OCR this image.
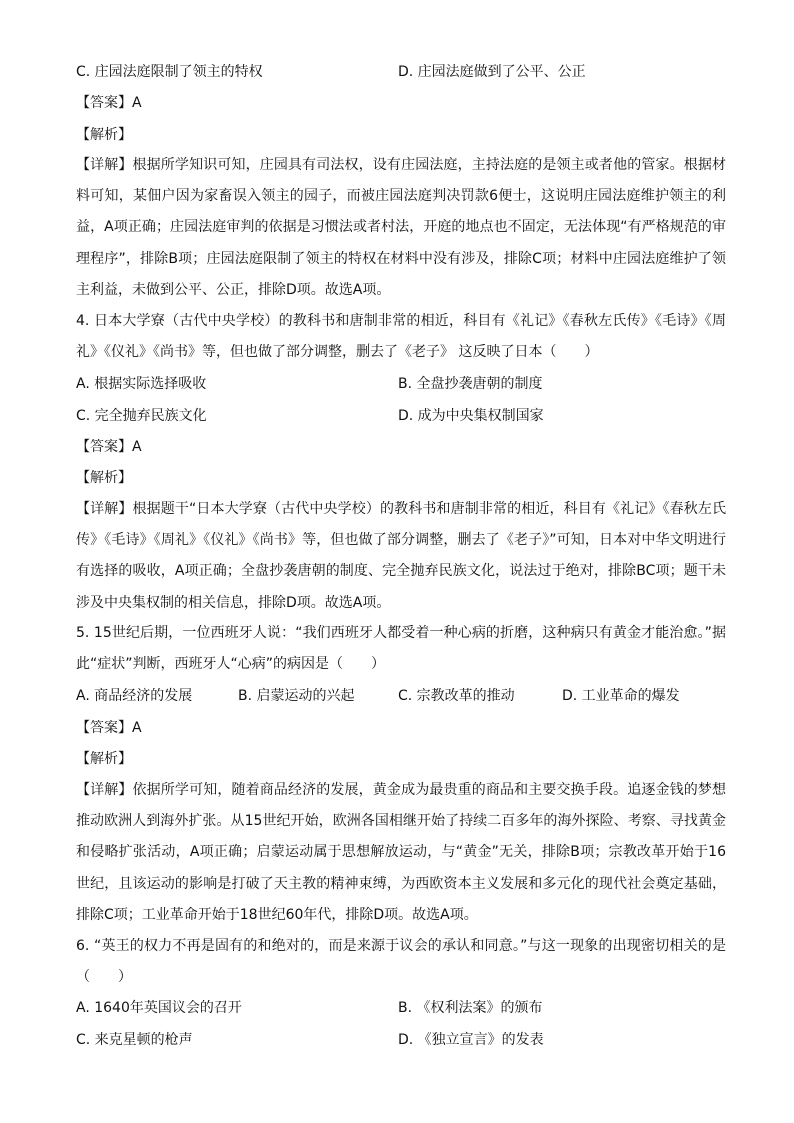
C. 庄园法庭限制了领主的特权	D. 庄园法庭做到了公平、公正
【答案】A
【解析】
【详解】根据所学知识可知，庄园具有司法权，设有庄园法庭，主持法庭的是领主或者他的管家。根据材料可知，某佃户因为家畜误入领主的园子，而被庄园法庭判决罚款6便士，这说明庄园法庭维护领主的利益，A项正确；庄园法庭审判的依据是习惯法或者村法，开庭的地点也不固定，无法体现“有严格规范的审理程序”，排除B项；庄园法庭限制了领主的特权在材料中没有涉及，排除C项；材料中庄园法庭维护了领主利益，未做到公平、公正，排除D项。故选A项。
4. 日本大学寮（古代中央学校）的教科书和唐制非常的相近，科目有《礼记》《春秋左氏传》《毛诗》《周礼》《仪礼》《尚书》等，但也做了部分调整，删去了《老子》 这反映了日本（　　）
A. 根据实际选择吸收	B. 全盘抄袭唐朝的制度
C. 完全抛弃民族文化	D. 成为中央集权制国家
【答案】A
【解析】
【详解】根据题干“日本大学寮（古代中央学校）的教科书和唐制非常的相近，科目有《礼记》《春秋左氏传》《毛诗》《周礼》《仪礼》《尚书》等，但也做了部分调整，删去了《老子》”可知，日本对中华文明进行有选择的吸收，A项正确；全盘抄袭唐朝的制度、完全抛弃民族文化，说法过于绝对，排除BC项；题干未涉及中央集权制的相关信息，排除D项。故选A项。
5. 15世纪后期，一位西班牙人说：“我们西班牙人都受着一种心病的折磨，这种病只有黄金才能治愈。”据此“症状”判断，西班牙人“心病”的病因是（　　）
A. 商品经济的发展	B. 启蒙运动的兴起	C. 宗教改革的推动	D. 工业革命的爆发
【答案】A
【解析】
【详解】依据所学可知，随着商品经济的发展，黄金成为最贵重的商品和主要交换手段。追逐金钱的梦想推动欧洲人到海外扩张。从15世纪开始，欧洲各国相继开始了持续二百多年的海外探险、考察、寻找黄金和侵略扩张活动，A项正确；启蒙运动属于思想解放运动，与“黄金”无关，排除B项；宗教改革开始于16世纪，且该运动的影响是打破了天主教的精神束缚，为西欧资本主义发展和多元化的现代社会奠定基础，排除C项；工业革命开始于18世纪60年代，排除D项。故选A项。
6. “英王的权力不再是固有的和绝对的，而是来源于议会的承认和同意。”与这一现象的出现密切相关的是（　　）
A. 1640年英国议会的召开	B. 《权利法案》的颁布
C. 来克星顿的枪声	D. 《独立宣言》的发表
